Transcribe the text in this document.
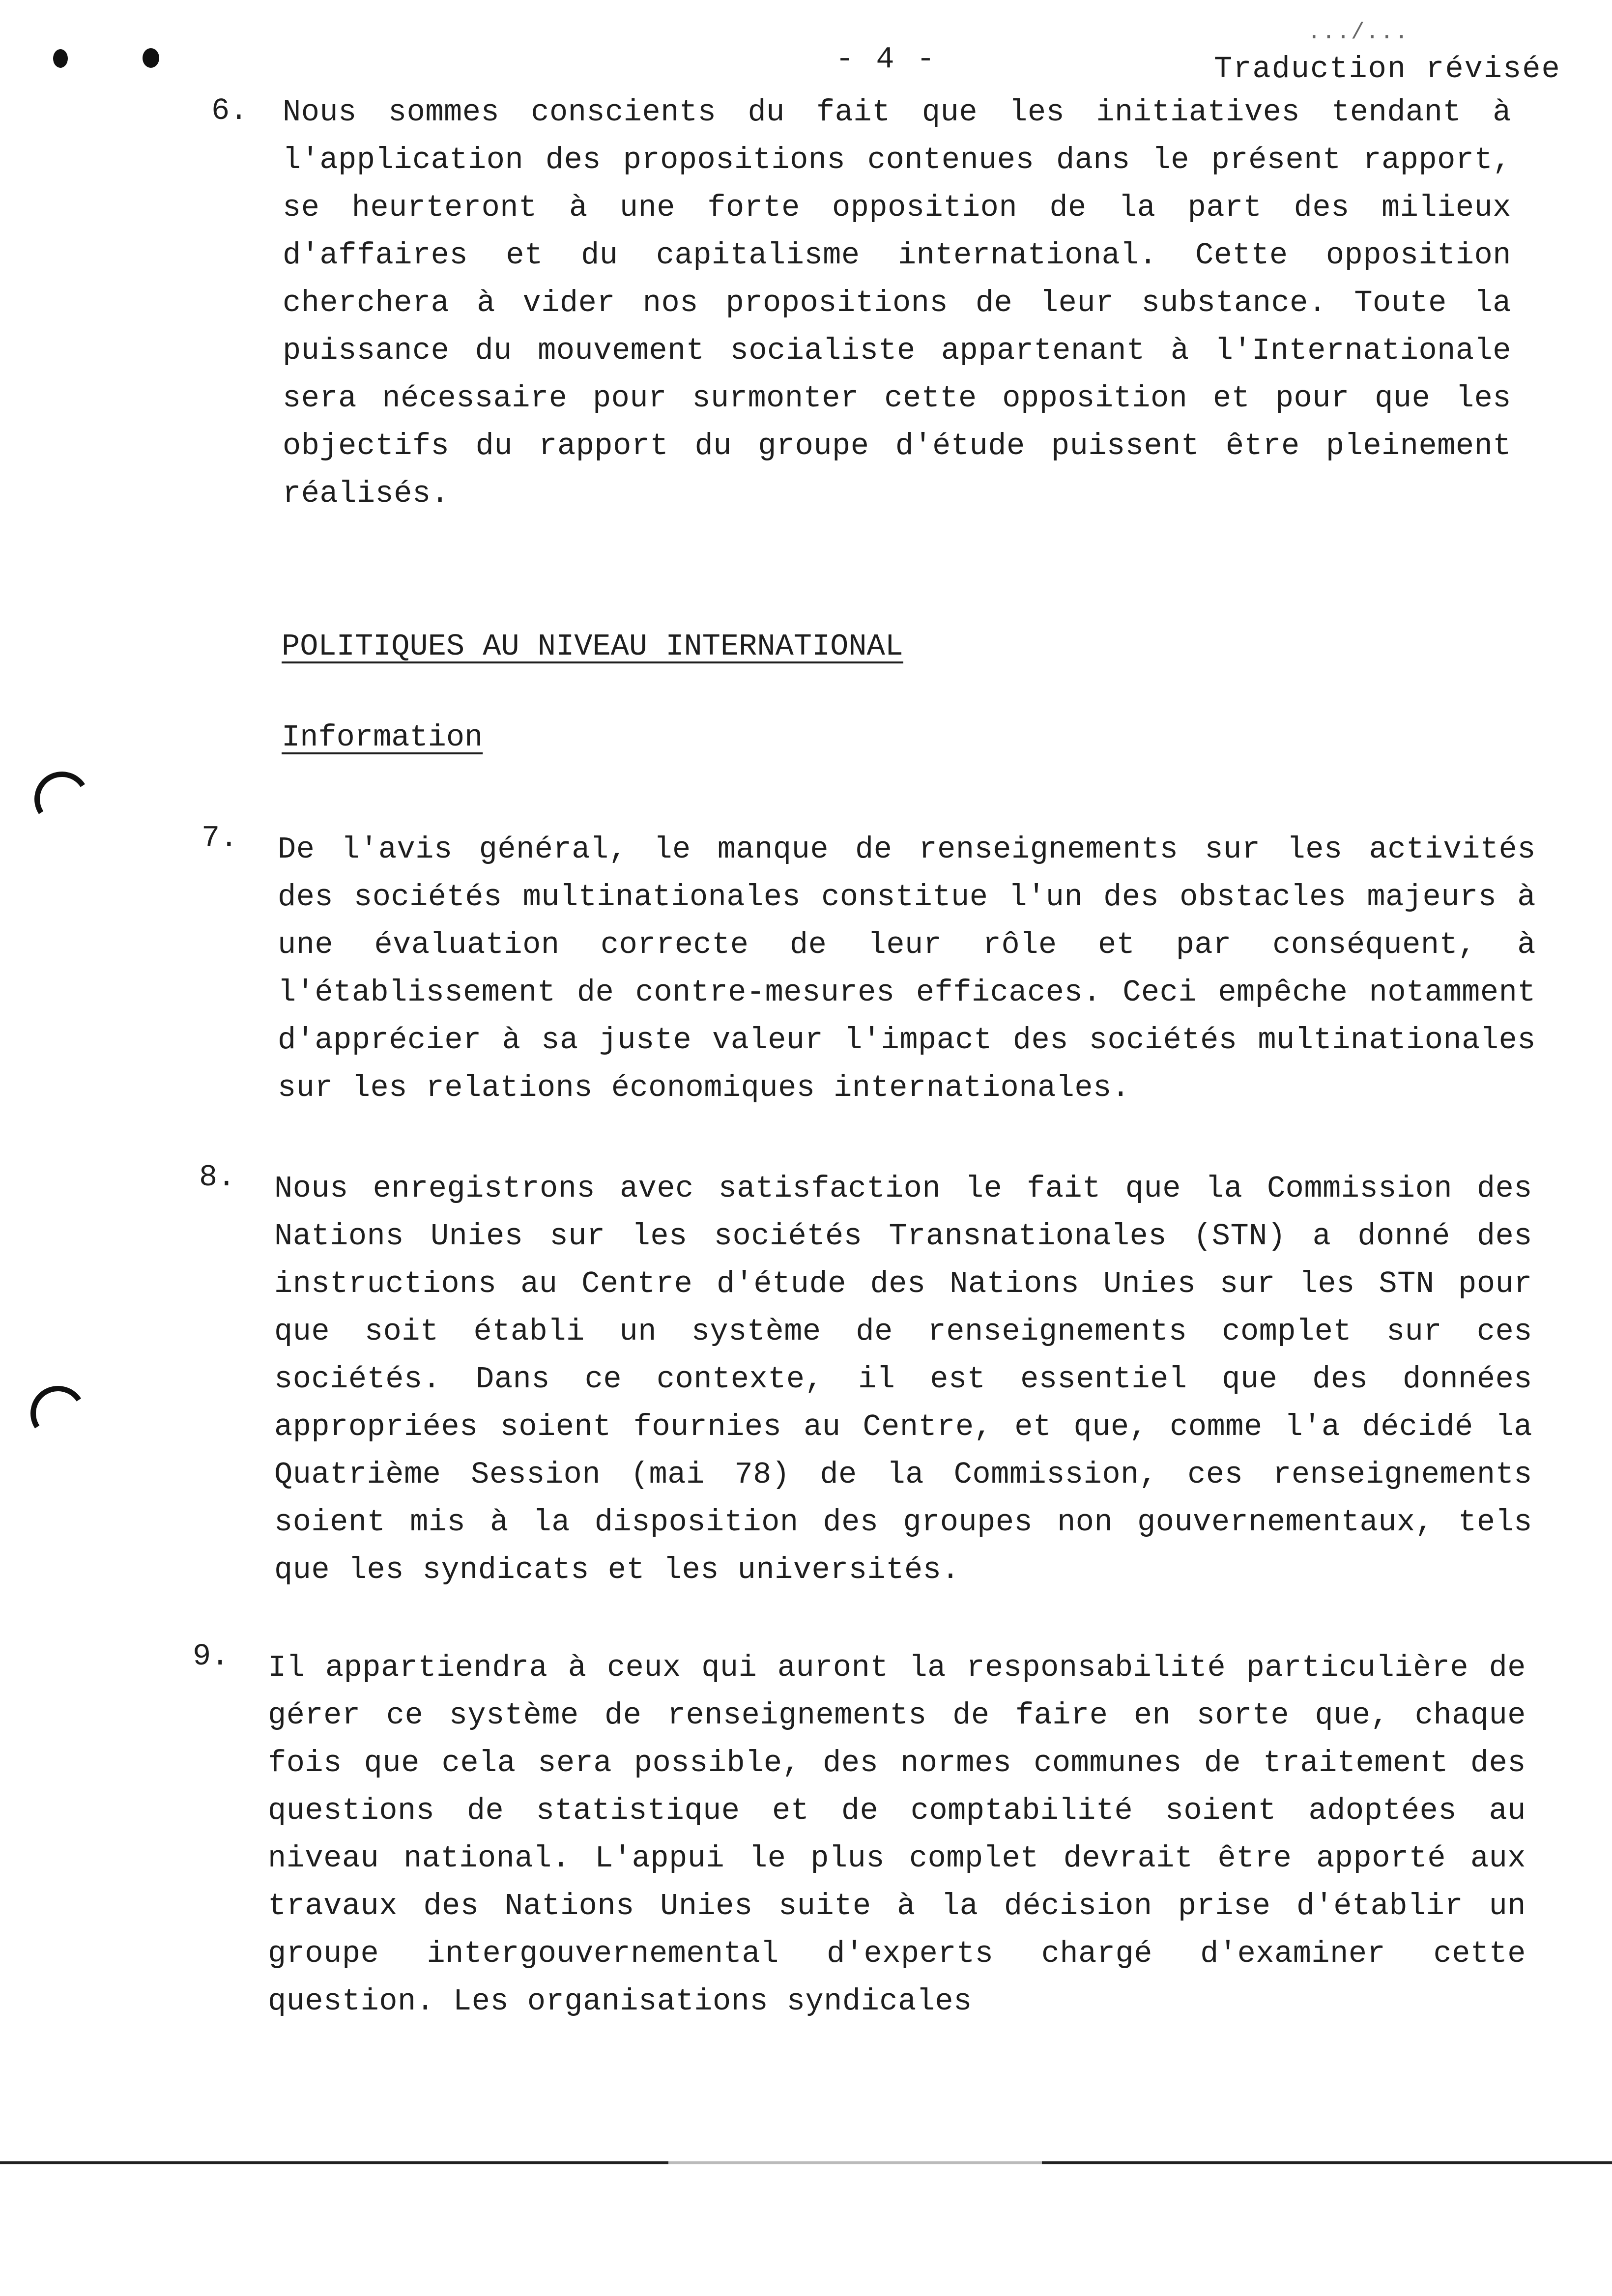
- 4 -
.../...
Traduction révisée
6. Nous sommes conscients du fait que les initiatives tendant à l'application des propositions contenues dans le présent rapport, se heurteront à une forte opposition de la part des milieux d'affaires et du capitalisme international. Cette opposition cherchera à vider nos propositions de leur substance. Toute la puissance du mouvement socialiste appartenant à l'Internationale sera nécessaire pour surmonter cette opposition et pour que les objectifs du rapport du groupe d'étude puissent être pleinement réalisés.

POLITIQUES AU NIVEAU INTERNATIONAL
Information
7. De l'avis général, le manque de renseignements sur les activités des sociétés multinationales constitue l'un des obstacles majeurs à une évaluation correcte de leur rôle et par conséquent, à l'établissement de contre-mesures efficaces. Ceci empêche notamment d'apprécier à sa juste valeur l'impact des sociétés multinationales sur les relations économiques internationales.

8. Nous enregistrons avec satisfaction le fait que la Commission des Nations Unies sur les sociétés Transnationales (STN) a donné des instructions au Centre d'étude des Nations Unies sur les STN pour que soit établi un système de renseignements complet sur ces sociétés. Dans ce contexte, il est essentiel que des données appropriées soient fournies au Centre, et que, comme l'a décidé la Quatrième Session (mai 78) de la Commission, ces renseignements soient mis à la disposition des groupes non gouvernementaux, tels que les syndicats et les universités.

9. Il appartiendra à ceux qui auront la responsabilité particulière de gérer ce système de renseignements de faire en sorte que, chaque fois que cela sera possible, des normes communes de traitement des questions de statistique et de comptabilité soient adoptées au niveau national. L'appui le plus complet devrait être apporté aux travaux des Nations Unies suite à la décision prise d'établir un groupe intergouvernemental d'experts chargé d'examiner cette question. Les organisations syndicales
